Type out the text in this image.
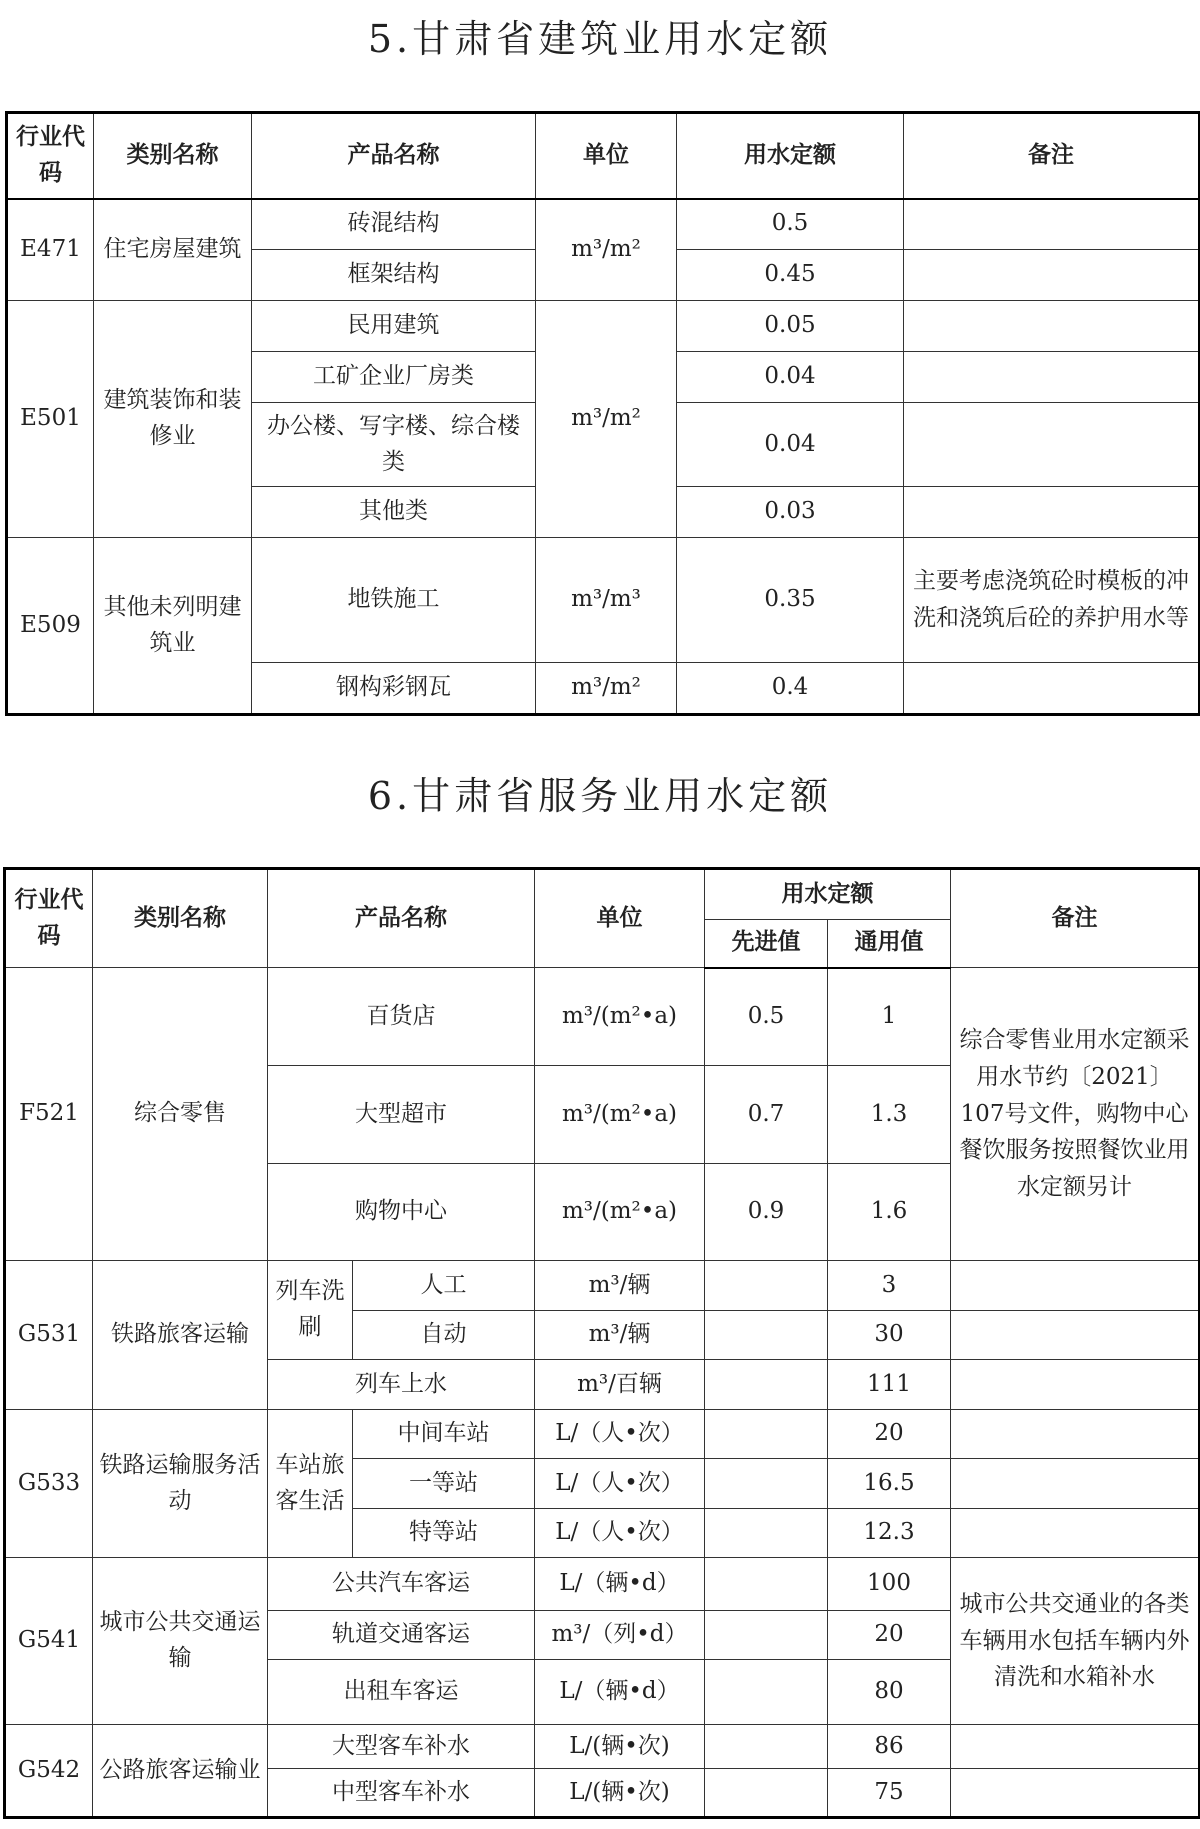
5.甘肃省建筑业用水定额
行业代码	类别名称	产品名称	单位	用水定额	备注
E471	住宅房屋建筑	砖混结构	m³/m²	0.5	
		框架结构		0.45	
E501	建筑装饰和装修业	民用建筑	m³/m²	0.05	
		工矿企业厂房类		0.04	
		办公楼、写字楼、综合楼类		0.04	
		其他类		0.03	
E509	其他未列明建筑业	地铁施工	m³/m³	0.35	主要考虑浇筑砼时模板的冲洗和浇筑后砼的养护用水等
		钢构彩钢瓦	m³/m²	0.4	
6.甘肃省服务业用水定额
行业代码	类别名称	产品名称		单位	用水定额		备注
					先进值	通用值	
F521	综合零售	百货店		m³/(m²•a)	0.5	1	综合零售业用水定额采用水节约〔2021〕107号文件，购物中心餐饮服务按照餐饮业用水定额另计
		大型超市		m³/(m²•a)	0.7	1.3	
		购物中心		m³/(m²•a)	0.9	1.6	
G531	铁路旅客运输	列车洗刷	人工	m³/辆		3	
			自动	m³/辆		30	
		列车上水		m³/百辆		111	
G533	铁路运输服务活动	车站旅客生活	中间车站	L/（人•次）		20	
			一等站	L/（人•次）		16.5	
			特等站	L/（人•次）		12.3	
G541	城市公共交通运输	公共汽车客运		L/（辆•d）		100	城市公共交通业的各类车辆用水包括车辆内外清洗和水箱补水
		轨道交通客运		m³/（列•d）		20	
		出租车客运		L/（辆•d）		80	
G542	公路旅客运输业	大型客车补水		L/(辆•次)		86	
		中型客车补水		L/(辆•次)		75	
